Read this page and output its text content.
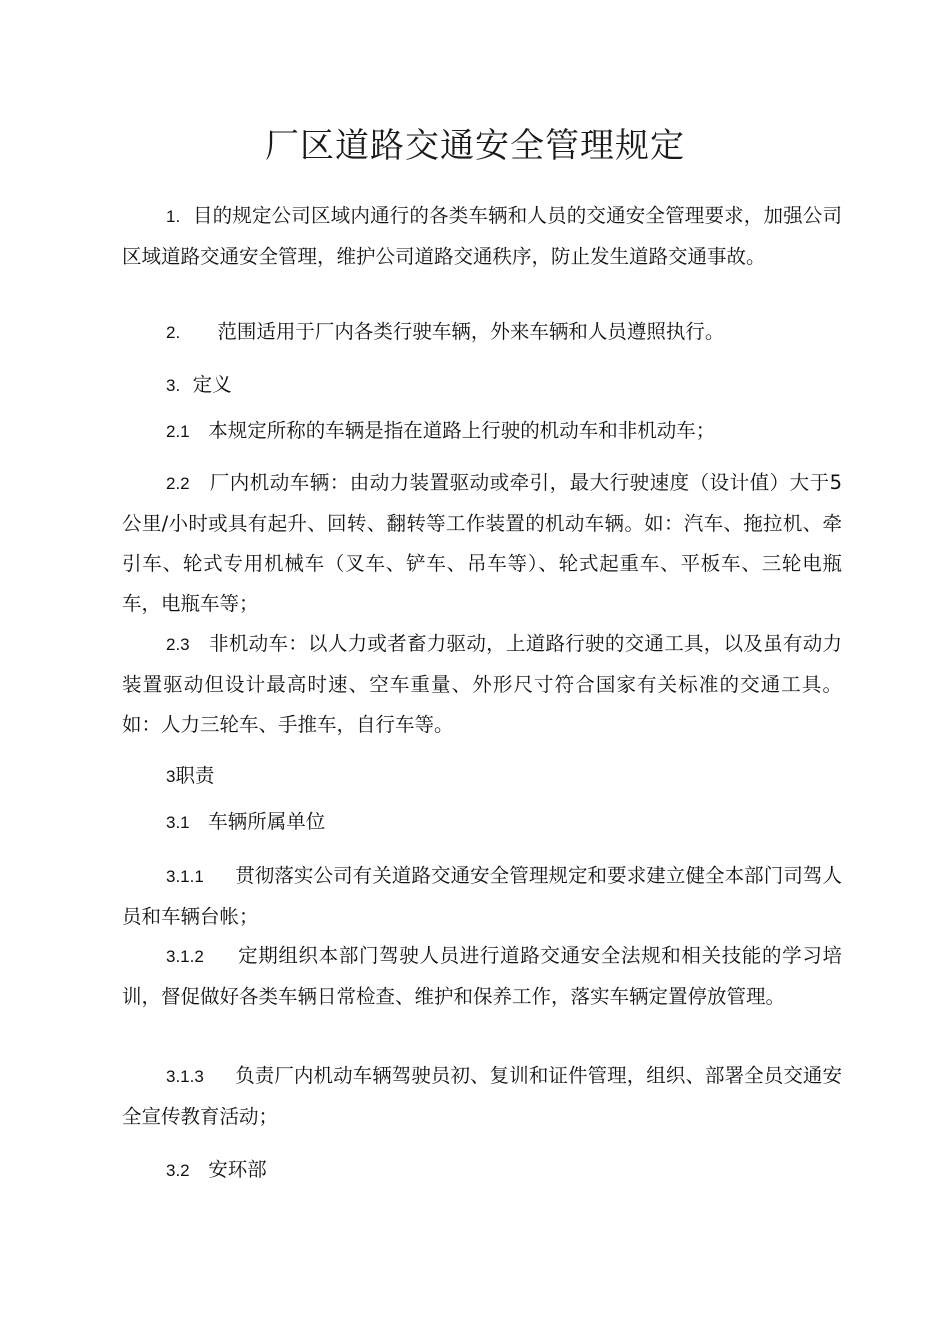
厂区道路交通安全管理规定
1. 目的规定公司区域内通行的各类车辆和人员的交通安全管理要求，加强公司区域道路交通安全管理，维护公司道路交通秩序，防止发生道路交通事故。
2. 范围适用于厂内各类行驶车辆，外来车辆和人员遵照执行。
3. 定义
2.1 本规定所称的车辆是指在道路上行驶的机动车和非机动车；
2.2 厂内机动车辆：由动力装置驱动或牵引，最大行驶速度（设计值）大于5公里/小时或具有起升、回转、翻转等工作装置的机动车辆。如：汽车、拖拉机、牵引车、轮式专用机械车（叉车、铲车、吊车等）、轮式起重车、平板车、三轮电瓶车，电瓶车等；
2.3 非机动车：以人力或者畜力驱动，上道路行驶的交通工具，以及虽有动力装置驱动但设计最高时速、空车重量、外形尺寸符合国家有关标准的交通工具。如：人力三轮车、手推车，自行车等。
3职责
3.1 车辆所属单位
3.1.1 贯彻落实公司有关道路交通安全管理规定和要求建立健全本部门司驾人员和车辆台帐；
3.1.2 定期组织本部门驾驶人员进行道路交通安全法规和相关技能的学习培训，督促做好各类车辆日常检查、维护和保养工作，落实车辆定置停放管理。
3.1.3 负责厂内机动车辆驾驶员初、复训和证件管理，组织、部署全员交通安全宣传教育活动；
3.2 安环部
